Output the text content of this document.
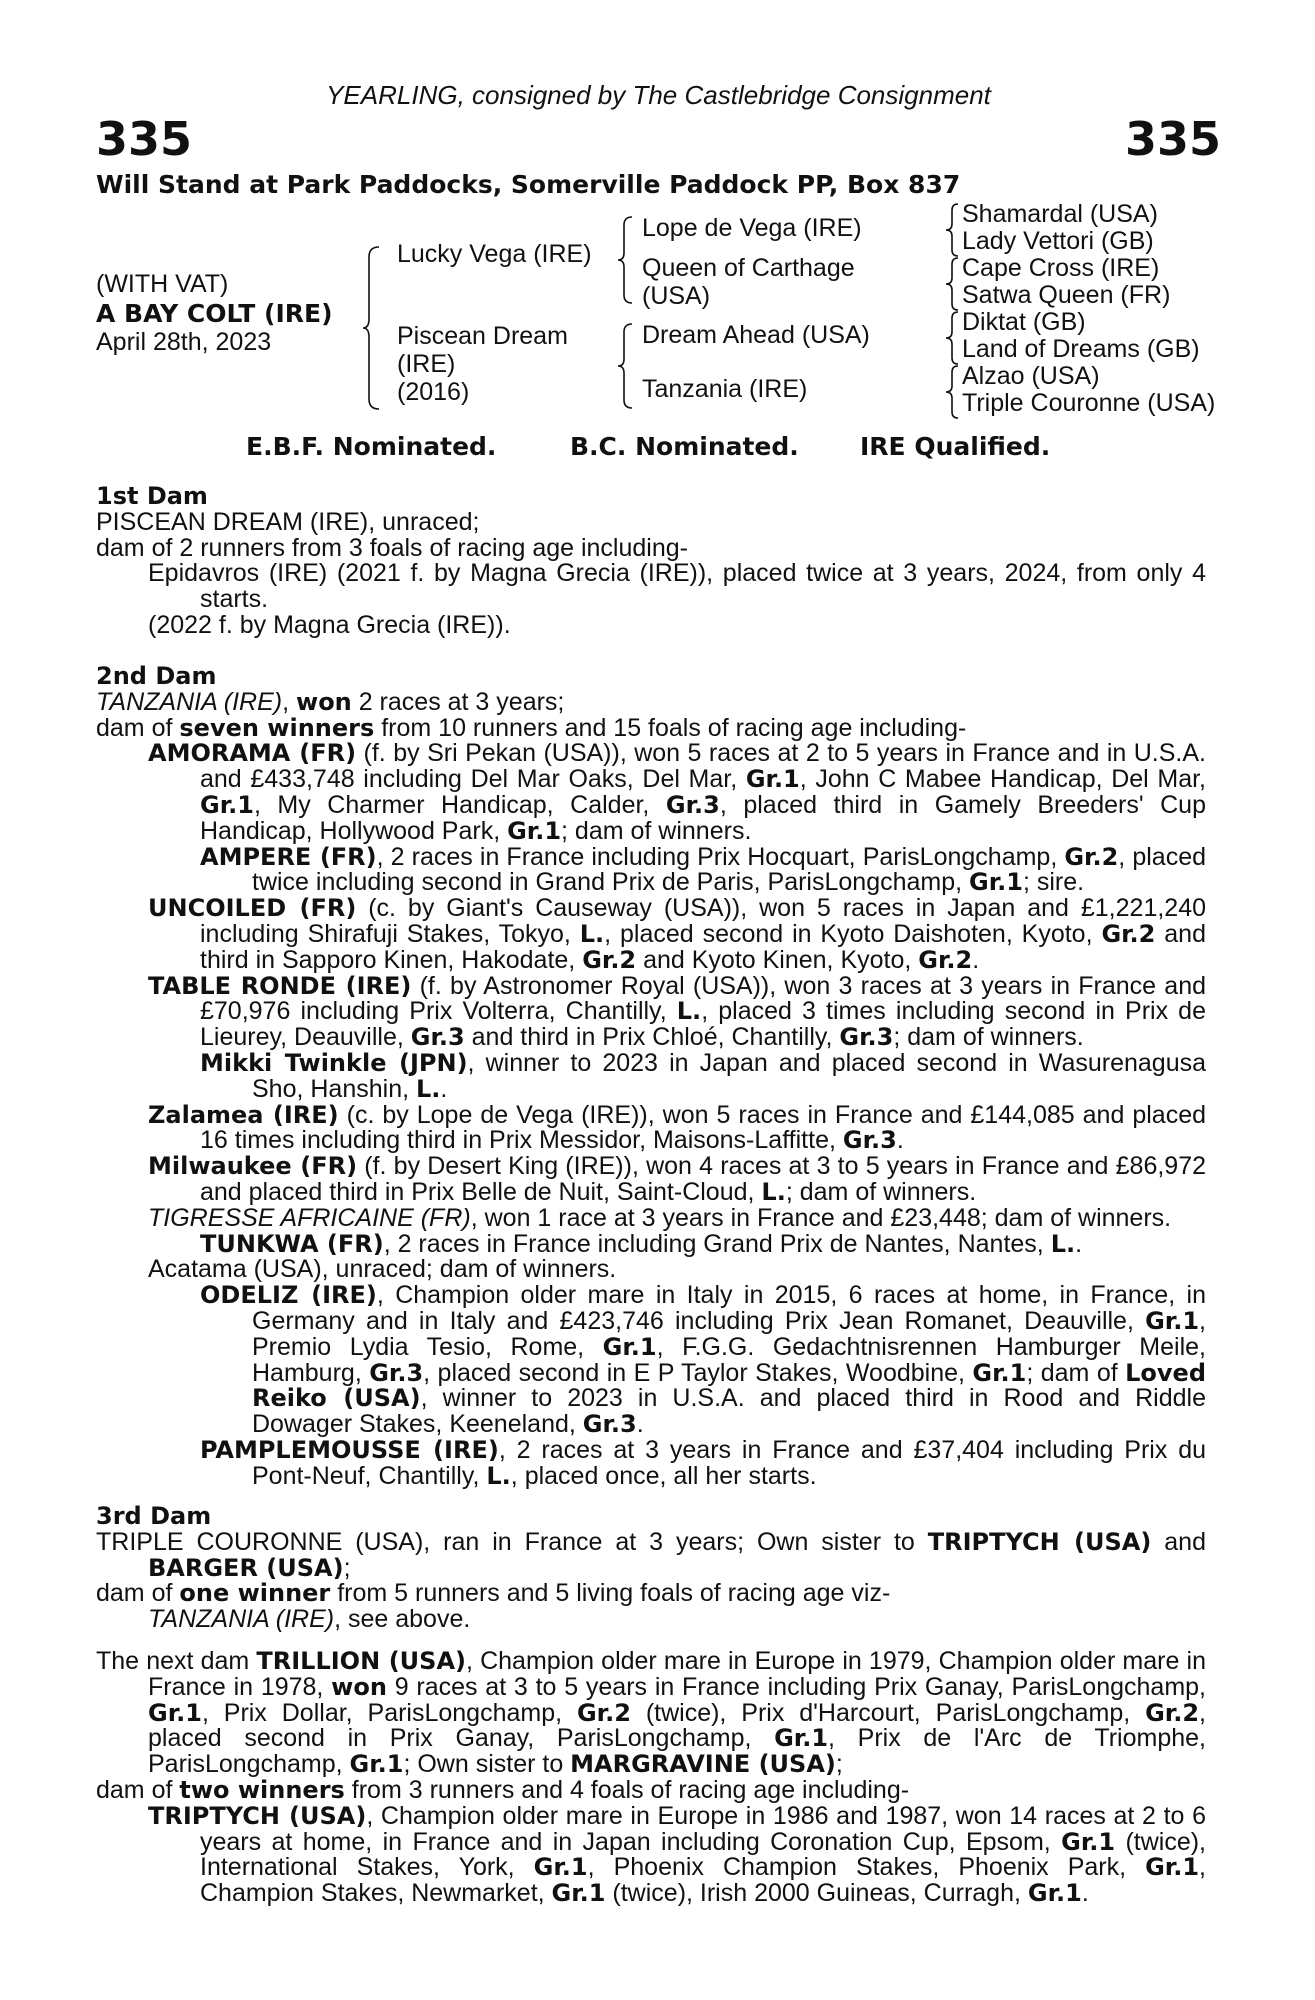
YEARLING, consigned by The Castlebridge Consignment
335	335
Will Stand at Park Paddocks, Somerville Paddock PP, Box 837
(WITH VAT)
A BAY COLT (IRE)
April 28th, 2023
Lucky Vega (IRE)
Piscean Dream
(IRE)
(2016)
Lope de Vega (IRE)
Queen of Carthage
(USA)
Dream Ahead (USA)
Tanzania (IRE)
Shamardal (USA)
Lady Vettori (GB)
Cape Cross (IRE)
Satwa Queen (FR)
Diktat (GB)
Land of Dreams (GB)
Alzao (USA)
Triple Couronne (USA)
E.B.F. Nominated.	B.C. Nominated. IRE Qualified.

1st Dam

PISCEAN DREAM (IRE), unraced;

dam of 2 runners from 3 foals of racing age including-

Epidavros (IRE) (2021 f. by Magna Grecia (IRE)), placed twice at 3 years, 2024, from only 4 starts.

(2022 f. by Magna Grecia (IRE)).

2nd Dam

TANZANIA (IRE), won 2 races at 3 years;

dam of seven winners from 10 runners and 15 foals of racing age including-

AMORAMA (FR) (f. by Sri Pekan (USA)), won 5 races at 2 to 5 years in France and in U.S.A. and £433,748 including Del Mar Oaks, Del Mar, Gr.1, John C Mabee Handicap, Del Mar, Gr.1, My Charmer Handicap, Calder, Gr.3, placed third in Gamely Breeders' Cup Handicap, Hollywood Park, Gr.1; dam of winners.

AMPERE (FR), 2 races in France including Prix Hocquart, ParisLongchamp, Gr.2, placed twice including second in Grand Prix de Paris, ParisLongchamp, Gr.1; sire.

UNCOILED (FR) (c. by Giant's Causeway (USA)), won 5 races in Japan and £1,221,240 including Shirafuji Stakes, Tokyo, L., placed second in Kyoto Daishoten, Kyoto, Gr.2 and third in Sapporo Kinen, Hakodate, Gr.2 and Kyoto Kinen, Kyoto, Gr.2.

TABLE RONDE (IRE) (f. by Astronomer Royal (USA)), won 3 races at 3 years in France and £70,976 including Prix Volterra, Chantilly, L., placed 3 times including second in Prix de Lieurey, Deauville, Gr.3 and third in Prix Chloé, Chantilly, Gr.3; dam of winners.

Mikki Twinkle (JPN), winner to 2023 in Japan and placed second in Wasurenagusa Sho, Hanshin, L..

Zalamea (IRE) (c. by Lope de Vega (IRE)), won 5 races in France and £144,085 and placed 16 times including third in Prix Messidor, Maisons-Laffitte, Gr.3.

Milwaukee (FR) (f. by Desert King (IRE)), won 4 races at 3 to 5 years in France and £86,972 and placed third in Prix Belle de Nuit, Saint-Cloud, L.; dam of winners.

TIGRESSE AFRICAINE (FR), won 1 race at 3 years in France and £23,448; dam of winners.

TUNKWA (FR), 2 races in France including Grand Prix de Nantes, Nantes, L..

Acatama (USA), unraced; dam of winners.

ODELIZ (IRE), Champion older mare in Italy in 2015, 6 races at home, in France, in Germany and in Italy and £423,746 including Prix Jean Romanet, Deauville, Gr.1, Premio Lydia Tesio, Rome, Gr.1, F.G.G. Gedachtnisrennen Hamburger Meile, Hamburg, Gr.3, placed second in E P Taylor Stakes, Woodbine, Gr.1; dam of Loved Reiko (USA), winner to 2023 in U.S.A. and placed third in Rood and Riddle Dowager Stakes, Keeneland, Gr.3.

PAMPLEMOUSSE (IRE), 2 races at 3 years in France and £37,404 including Prix du Pont-Neuf, Chantilly, L., placed once, all her starts.

3rd Dam

TRIPLE COURONNE (USA), ran in France at 3 years; Own sister to TRIPTYCH (USA) and BARGER (USA);

dam of one winner from 5 runners and 5 living foals of racing age viz-

TANZANIA (IRE), see above.

The next dam TRILLION (USA), Champion older mare in Europe in 1979, Champion older mare in France in 1978, won 9 races at 3 to 5 years in France including Prix Ganay, ParisLongchamp, Gr.1, Prix Dollar, ParisLongchamp, Gr.2 (twice), Prix d'Harcourt, ParisLongchamp, Gr.2, placed second in Prix Ganay, ParisLongchamp, Gr.1, Prix de l'Arc de Triomphe, ParisLongchamp, Gr.1; Own sister to MARGRAVINE (USA);

dam of two winners from 3 runners and 4 foals of racing age including-

TRIPTYCH (USA), Champion older mare in Europe in 1986 and 1987, won 14 races at 2 to 6 years at home, in France and in Japan including Coronation Cup, Epsom, Gr.1 (twice), International Stakes, York, Gr.1, Phoenix Champion Stakes, Phoenix Park, Gr.1, Champion Stakes, Newmarket, Gr.1 (twice), Irish 2000 Guineas, Curragh, Gr.1.
